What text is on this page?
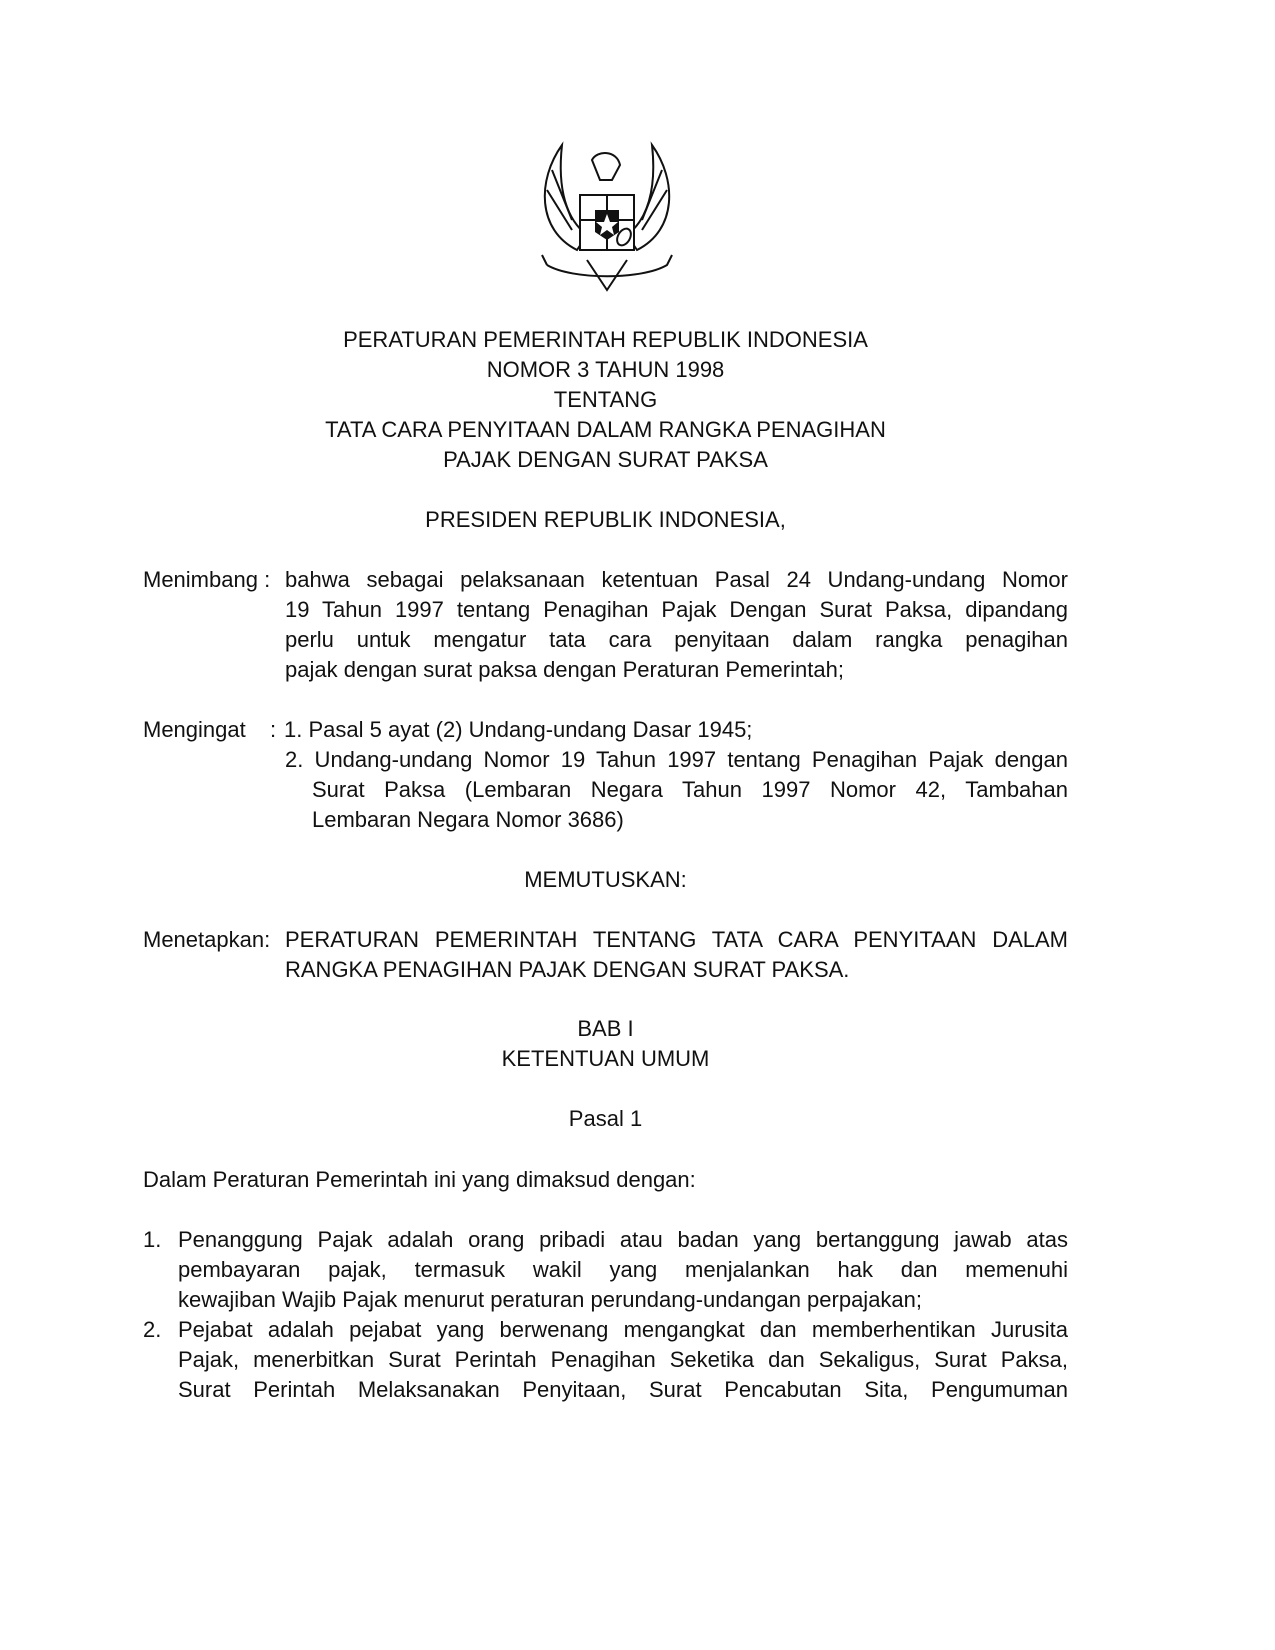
PERATURAN PEMERINTAH REPUBLIK INDONESIA
NOMOR 3 TAHUN 1998
TENTANG
TATA CARA PENYITAAN DALAM RANGKA PENAGIHAN
PAJAK DENGAN SURAT PAKSA
PRESIDEN REPUBLIK INDONESIA,
Menimbang : bahwa sebagai pelaksanaan ketentuan Pasal 24 Undang-undang Nomor
19 Tahun 1997 tentang Penagihan Pajak Dengan Surat Paksa, dipandang
perlu untuk mengatur tata cara penyitaan dalam rangka penagihan
pajak dengan surat paksa dengan Peraturan Pemerintah;
Mengingat : 1. Pasal 5 ayat (2) Undang-undang Dasar 1945;
2. Undang-undang Nomor 19 Tahun 1997 tentang Penagihan Pajak dengan
Surat Paksa (Lembaran Negara Tahun 1997 Nomor 42, Tambahan
Lembaran Negara Nomor 3686)
MEMUTUSKAN:
Menetapkan: PERATURAN PEMERINTAH TENTANG TATA CARA PENYITAAN DALAM
RANGKA PENAGIHAN PAJAK DENGAN SURAT PAKSA.
BAB I
KETENTUAN UMUM
Pasal 1
Dalam Peraturan Pemerintah ini yang dimaksud dengan:
1. Penanggung Pajak adalah orang pribadi atau badan yang bertanggung jawab atas
pembayaran pajak, termasuk wakil yang menjalankan hak dan memenuhi
kewajiban Wajib Pajak menurut peraturan perundang-undangan perpajakan;
2. Pejabat adalah pejabat yang berwenang mengangkat dan memberhentikan Jurusita
Pajak, menerbitkan Surat Perintah Penagihan Seketika dan Sekaligus, Surat Paksa,
Surat Perintah Melaksanakan Penyitaan, Surat Pencabutan Sita, Pengumuman
